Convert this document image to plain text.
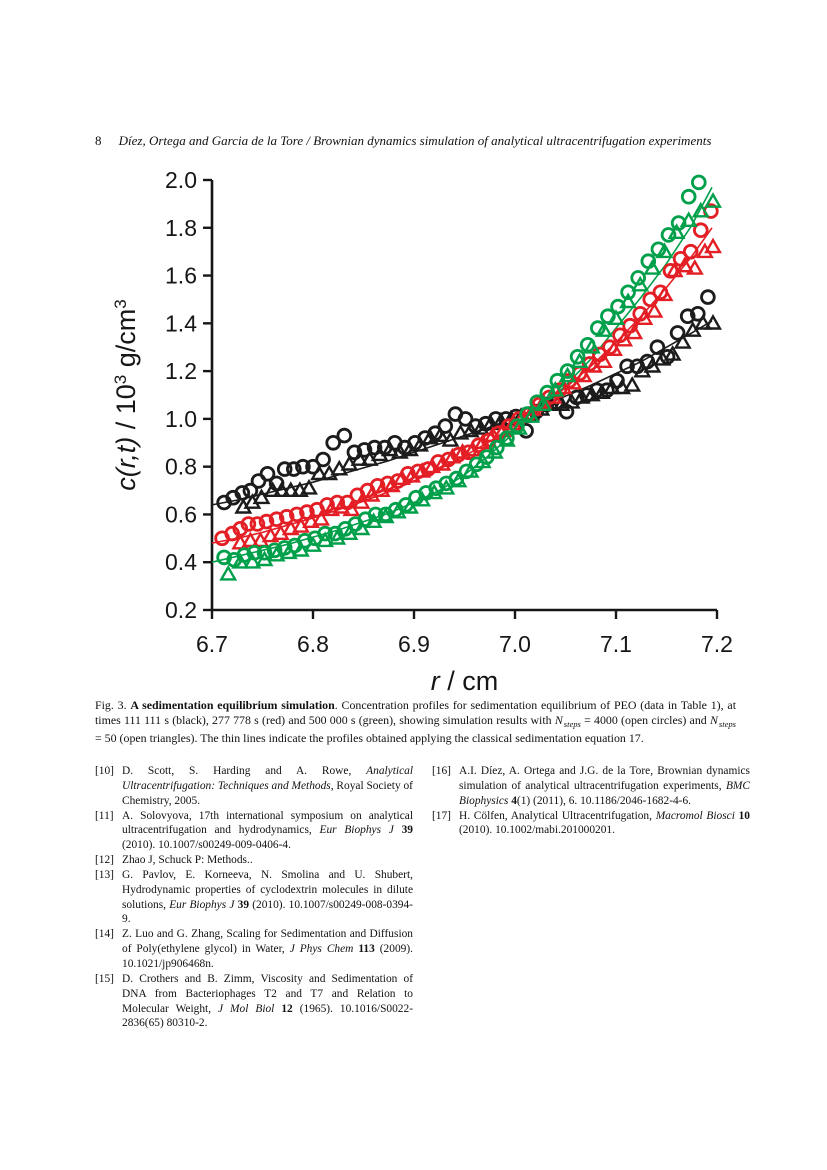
8	Díez, Ortega and Garcia de la Tore / Brownian dynamics simulation of analytical ultracentrifugation experiments
0.2
0.4
0.6
0.8
1.0
1.2
1.4
1.6
1.8
2.0
6.7	6.8	6.9	7.0	7.1	7.2
r / cm
$c(r,t) / 10^3$ $g/cm^3$

Fig. 3. A sedimentation equilibrium simulation. Concentration profiles for sedimentation equilibrium of PEO (data in Table 1), at times 111 111 s (black), 277 778 s (red) and 500 000 s (green), showing simulation results with $N_{steps} = 4000$ (open circles) and $N_{steps} = 50$ (open triangles). The thin lines indicate the profiles obtained applying the classical sedimentation equation 17.

[10] D. Scott, S. Harding and A. Rowe, Analytical Ultracentrifugation: Techniques and Methods, Royal Society of Chemistry, 2005.

[11] A. Solovyova, 17th international symposium on analytical ultracentrifugation and hydrodynamics, Eur Biophys J 39 (2010). 10.1007/s00249-009-0406-4.

[12] Zhao J, Schuck P: Methods..

[13] G. Pavlov, E. Korneeva, N. Smolina and U. Shubert, Hydrodynamic properties of cyclodextrin molecules in dilute solutions, Eur Biophys J 39 (2010). 10.1007/s00249-008-0394-9.

[14] Z. Luo and G. Zhang, Scaling for Sedimentation and Diffusion of Poly(ethylene glycol) in Water, J Phys Chem 113 (2009). 10.1021/jp906468n.

[15] D. Crothers and B. Zimm, Viscosity and Sedimentation of DNA from Bacteriophages T2 and T7 and Relation to Molecular Weight, J Mol Biol 12 (1965). 10.1016/S0022-2836(65) 80310-2.

[16] A.I. Díez, A. Ortega and J.G. de la Tore, Brownian dynamics simulation of analytical ultracentrifugation experiments, BMC Biophysics 4(1) (2011), 6. 10.1186/2046-1682-4-6.

[17] H. Cölfen, Analytical Ultracentrifugation, Macromol Biosci 10 (2010). 10.1002/mabi.201000201.
